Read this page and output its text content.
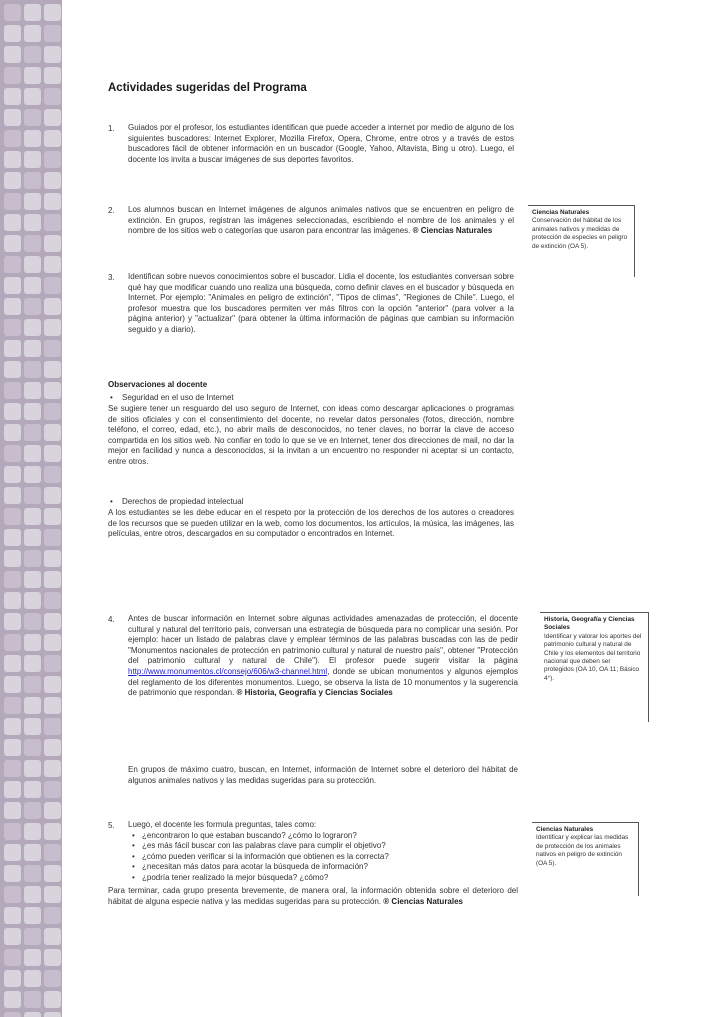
Actividades sugeridas del Programa
1. Guiados por el profesor, los estudiantes identifican que puede acceder a internet por medio de alguno de los siguientes buscadores: Internet Explorer, Mozilla Firefox, Opera, Chrome, entre otros y a través de estos buscadores fácil de obtener información en un buscador (Google, Yahoo, Altavista, Bing u otro). Luego, el docente los invita a buscar imágenes de sus deportes favoritos.
2. Los alumnos buscan en Internet imágenes de algunos animales nativos que se encuentren en peligro de extinción. En grupos, registran las imágenes seleccionadas, escribiendo el nombre de los animales y el nombre de los sitios web o categorías que usaron para encontrar las imágenes. ® Ciencias Naturales
3. Identifican sobre nuevos conocimientos sobre el buscador. Lidia el docente, los estudiantes conversan sobre qué hay que modificar cuando uno realiza una búsqueda, como definir claves en el buscador y búsqueda en Internet. Por ejemplo: "Animales en peligro de extinción", "Tipos de climas", "Regiones de Chile". Luego, el profesor muestra que los buscadores permiten ver más filtros con la opción "anterior" (para volver a la página anterior) y "actualizar" (para obtener la última información de páginas que cambian su información seguido y a diario).
Observaciones al docente
• Seguridad en el uso de Internet
Se sugiere tener un resguardo del uso seguro de Internet, con ideas como descargar aplicaciones o programas de sitios oficiales y con el consentimiento del docente, no revelar datos personales (fotos, dirección, nombre teléfono, el correo, edad, etc.), no abrir mails de desconocidos, no tener claves, no borrar la clave de acceso compartida en los sitios web. No confiar en todo lo que se ve en Internet, tener dos direcciones de mail, no dar la mejor en facilidad y nunca a desconocidos, si la invitan a un encuentro no responder ni aceptar si un contacto, entre otros.
• Derechos de propiedad intelectual
A los estudiantes se les debe educar en el respeto por la protección de los derechos de los autores o creadores de los recursos que se pueden utilizar en la web, como los documentos, los artículos, la música, las imágenes, las películas, entre otros, descargados en su computador o encontrados en Internet.
4. Antes de buscar información en Internet sobre algunas actividades amenazadas de protección, el docente cultural y natural del territorio país, conversan una estrategia de búsqueda para no complicar una sesión. Por ejemplo: hacer un listado de palabras clave y emplear términos de las palabras buscadas con las de pedir "Monumentos nacionales de protección en patrimonio cultural y natural de nuestro país", obtener "Protección del patrimonio cultural y natural de Chile"). El profesor puede sugerir visitar la página http://www.monumentos.cl/consejo/606/w3-channel.html, donde se ubican monumentos y algunos ejemplos del reglamento de los diferentes monumentos. Luego, se observa la lista de 10 monumentos y la sugerencia de patrimonio que respondan. ® Historia, Geografía y Ciencias Sociales
En grupos de máximo cuatro, buscan, en Internet, información de Internet sobre el deterioro del hábitat de algunos animales nativos y las medidas sugeridas para su protección.
5. Luego, el docente les formula preguntas, tales como:
• ¿encontraron lo que estaban buscando? ¿cómo lo lograron?
• ¿es más fácil buscar con las palabras clave para cumplir el objetivo?
• ¿cómo pueden verificar si la información que obtienen es la correcta?
• ¿necesitan más datos para acotar la búsqueda de información?
• ¿podría tener realizado la mejor búsqueda? ¿cómo?
Para terminar, cada grupo presenta brevemente, de manera oral, la información obtenida sobre el deterioro del hábitat de alguna especie nativa y las medidas sugeridas para su protección. ® Ciencias Naturales
Ciencias Naturales
Conservación del hábitat de los animales nativos y medidas de protección de especies en peligro de extinción (OA 5).
Historia, Geografía y Ciencias Sociales
Identificar y valorar los aportes del patrimonio cultural y natural de Chile y los elementos del territorio nacional que deben ser protegidos (OA 10, OA 11; Básico 4°).
Ciencias Naturales
Identificar y explicar las medidas de protección de los animales nativos en peligro de extinción (OA 5).
